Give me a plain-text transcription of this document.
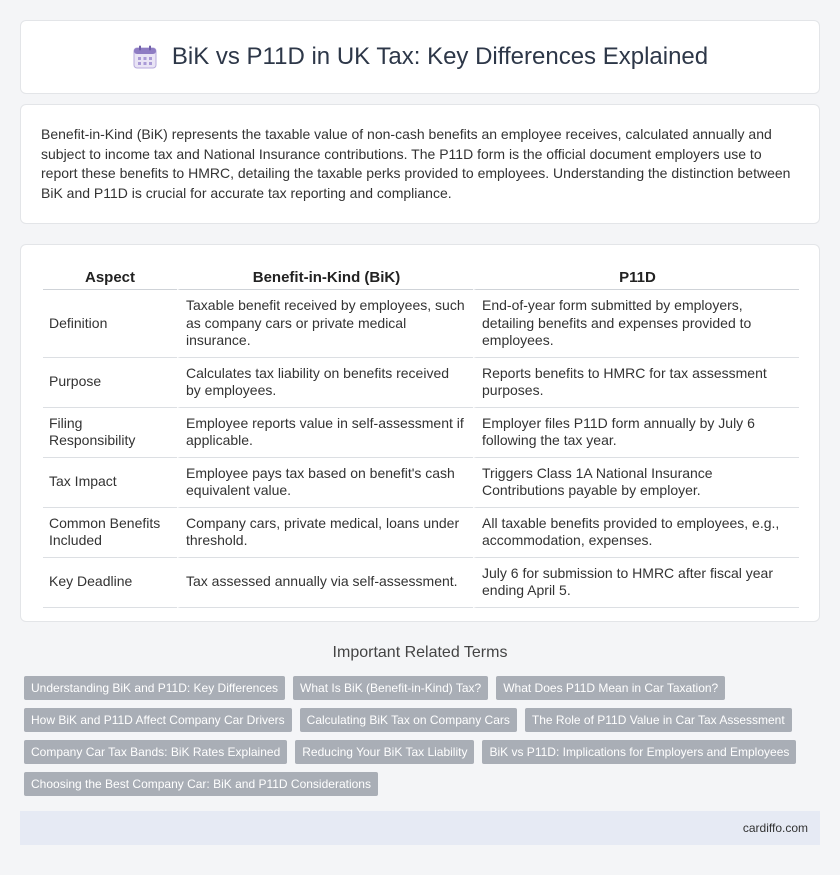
BiK vs P11D in UK Tax: Key Differences Explained

Benefit-in-Kind (BiK) represents the taxable value of non-cash benefits an employee receives, calculated annually and subject to income tax and National Insurance contributions. The P11D form is the official document employers use to report these benefits to HMRC, detailing the taxable perks provided to employees. Understanding the distinction between BiK and P11D is crucial for accurate tax reporting and compliance.

Aspect	Benefit-in-Kind (BiK)	P11D
Definition	Taxable benefit received by employees, such as company cars or private medical insurance.	End-of-year form submitted by employers, detailing benefits and expenses provided to employees.
Purpose	Calculates tax liability on benefits received by employees.	Reports benefits to HMRC for tax assessment purposes.
Filing Responsibility	Employee reports value in self-assessment if applicable.	Employer files P11D form annually by July 6 following the tax year.
Tax Impact	Employee pays tax based on benefit's cash equivalent value.	Triggers Class 1A National Insurance Contributions payable by employer.
Common Benefits Included	Company cars, private medical, loans under threshold.	All taxable benefits provided to employees, e.g., accommodation, expenses.
Key Deadline	Tax assessed annually via self-assessment.	July 6 for submission to HMRC after fiscal year ending April 5.
Important Related Terms
Understanding BiK and P11D: Key Differences	What Is BiK (Benefit-in-Kind) Tax?	What Does P11D Mean in Car Taxation?
How BiK and P11D Affect Company Car Drivers	Calculating BiK Tax on Company Cars	The Role of P11D Value in Car Tax Assessment
Company Car Tax Bands: BiK Rates Explained	Reducing Your BiK Tax Liability	BiK vs P11D: Implications for Employers and Employees
Choosing the Best Company Car: BiK and P11D Considerations
cardiffo.com
